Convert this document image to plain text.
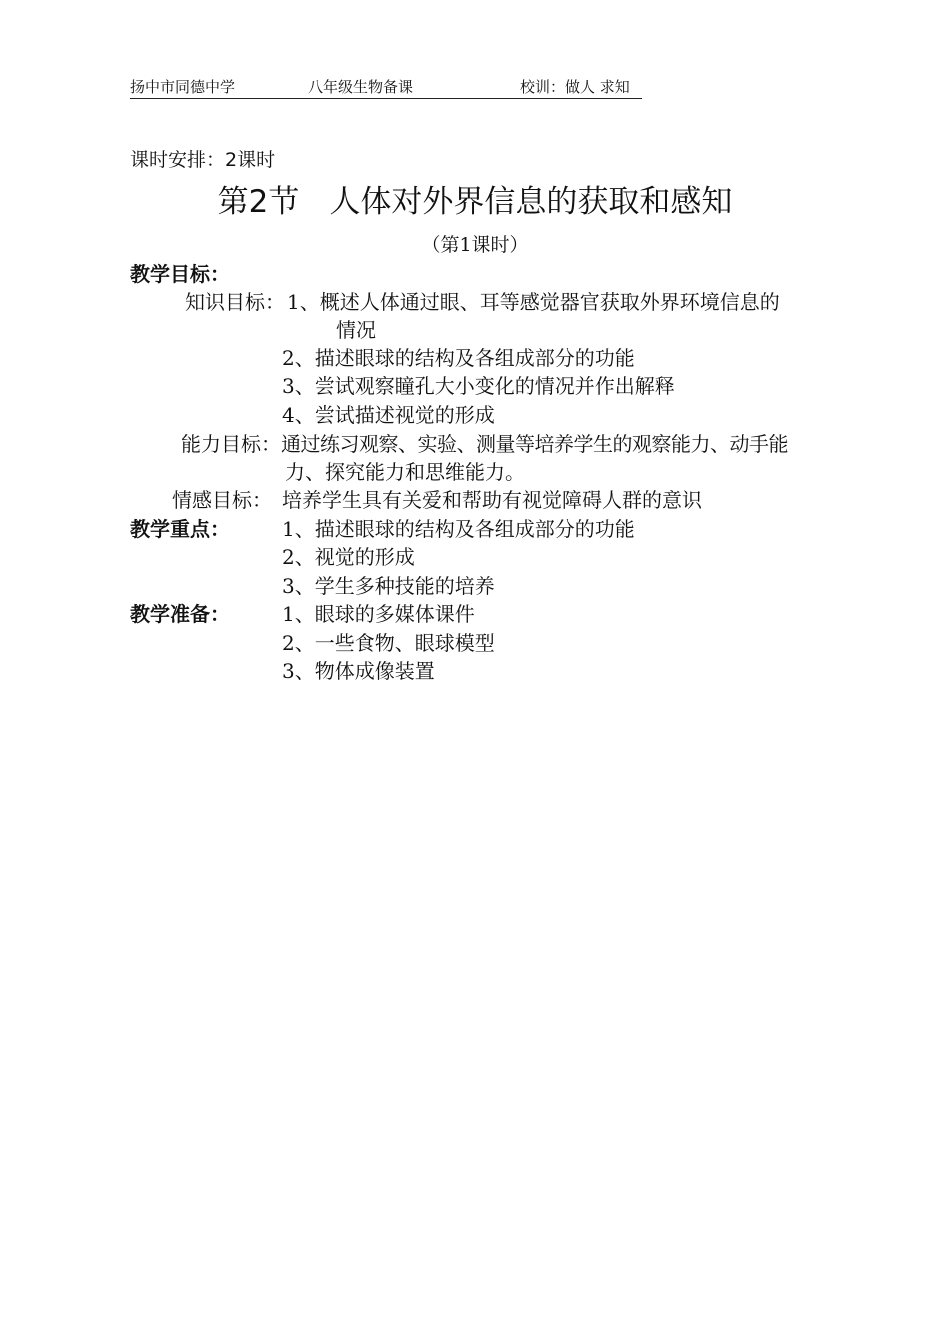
扬中市同德中学	八年级生物备课	校训：做人 求知
课时安排：2课时
第2节 人体对外界信息的获取和感知
（第1课时）
教学目标：
知识目标： 1、概述人体通过眼、耳等感觉器官获取外界环境信息的
情况
2、描述眼球的结构及各组成部分的功能
3、尝试观察瞳孔大小变化的情况并作出解释
4、尝试描述视觉的形成
能力目标： 通过练习观察、实验、测量等培养学生的观察能力、动手能
力、探究能力和思维能力。
情感目标： 培养学生具有关爱和帮助有视觉障碍人群的意识
教学重点：	1、描述眼球的结构及各组成部分的功能
2、视觉的形成
3、学生多种技能的培养
教学准备：	1、眼球的多媒体课件
2、一些食物、眼球模型
3、物体成像装置
